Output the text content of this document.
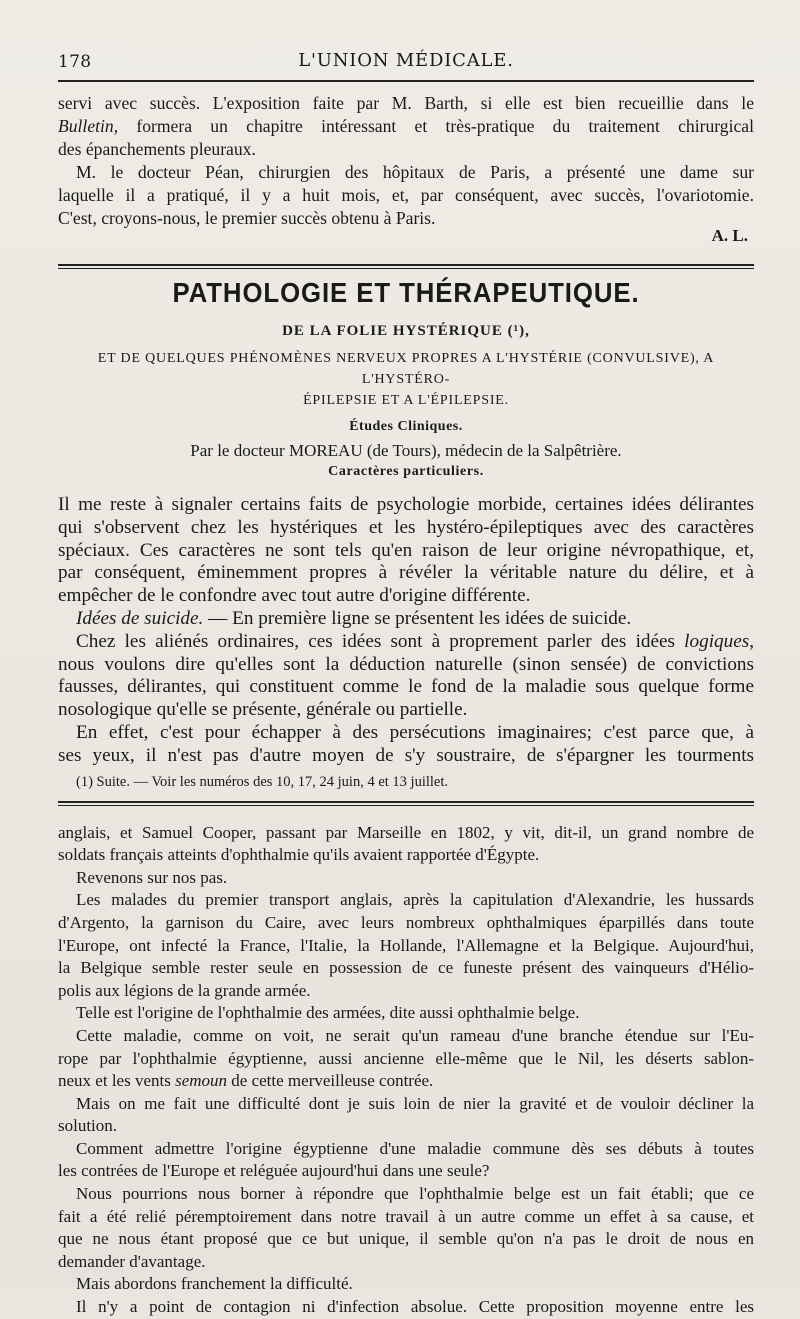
178	L'UNION MÉDICALE.

servi avec succès. L'exposition faite par M. Barth, si elle est bien recueillie dans le

Bulletin, formera un chapitre intéressant et très-pratique du traitement chirurgical

des épanchements pleuraux.

M. le docteur Péan, chirurgien des hôpitaux de Paris, a présenté une dame sur

laquelle il a pratiqué, il y a huit mois, et, par conséquent, avec succès, l'ovariotomie.

C'est, croyons-nous, le premier succès obtenu à Paris.

A. L.
PATHOLOGIE ET THÉRAPEUTIQUE.
DE LA FOLIE HYSTÉRIQUE (¹),
ET DE QUELQUES PHÉNOMÈNES NERVEUX PROPRES A L'HYSTÉRIE (CONVULSIVE), A L'HYSTÉRO-
ÉPILEPSIE ET A L'ÉPILEPSIE.
Études Cliniques.
Par le docteur MOREAU (de Tours), médecin de la Salpêtrière.
Caractères particuliers.

Il me reste à signaler certains faits de psychologie morbide, certaines idées délirantes

qui s'observent chez les hystériques et les hystéro-épileptiques avec des caractères

spéciaux. Ces caractères ne sont tels qu'en raison de leur origine névropathique, et,

par conséquent, éminemment propres à révéler la véritable nature du délire, et à

empêcher de le confondre avec tout autre d'origine différente.

Idées de suicide. — En première ligne se présentent les idées de suicide.

Chez les aliénés ordinaires, ces idées sont à proprement parler des idées logiques,

nous voulons dire qu'elles sont la déduction naturelle (sinon sensée) de convictions

fausses, délirantes, qui constituent comme le fond de la maladie sous quelque forme

nosologique qu'elle se présente, générale ou partielle.

En effet, c'est pour échapper à des persécutions imaginaires; c'est parce que, à

ses yeux, il n'est pas d'autre moyen de s'y soustraire, de s'épargner les tourments

(1) Suite. — Voir les numéros des 10, 17, 24 juin, 4 et 13 juillet.

anglais, et Samuel Cooper, passant par Marseille en 1802, y vit, dit-il, un grand nombre de

soldats français atteints d'ophthalmie qu'ils avaient rapportée d'Égypte.

Revenons sur nos pas.

Les malades du premier transport anglais, après la capitulation d'Alexandrie, les hussards

d'Argento, la garnison du Caire, avec leurs nombreux ophthalmiques éparpillés dans toute

l'Europe, ont infecté la France, l'Italie, la Hollande, l'Allemagne et la Belgique. Aujourd'hui,

la Belgique semble rester seule en possession de ce funeste présent des vainqueurs d'Hélio-

polis aux légions de la grande armée.

Telle est l'origine de l'ophthalmie des armées, dite aussi ophthalmie belge.

Cette maladie, comme on voit, ne serait qu'un rameau d'une branche étendue sur l'Eu-

rope par l'ophthalmie égyptienne, aussi ancienne elle-même que le Nil, les déserts sablon-

neux et les vents semoun de cette merveilleuse contrée.

Mais on me fait une difficulté dont je suis loin de nier la gravité et de vouloir décliner la

solution.

Comment admettre l'origine égyptienne d'une maladie commune dès ses débuts à toutes

les contrées de l'Europe et reléguée aujourd'hui dans une seule?

Nous pourrions nous borner à répondre que l'ophthalmie belge est un fait établi; que ce

fait a été relié péremptoirement dans notre travail à un autre comme un effet à sa cause, et

que ne nous étant proposé que ce but unique, il semble qu'on n'a pas le droit de nous en

demander d'avantage.

Mais abordons franchement la difficulté.

Il n'y a point de contagion ni d'infection absolue. Cette proposition moyenne entre les
